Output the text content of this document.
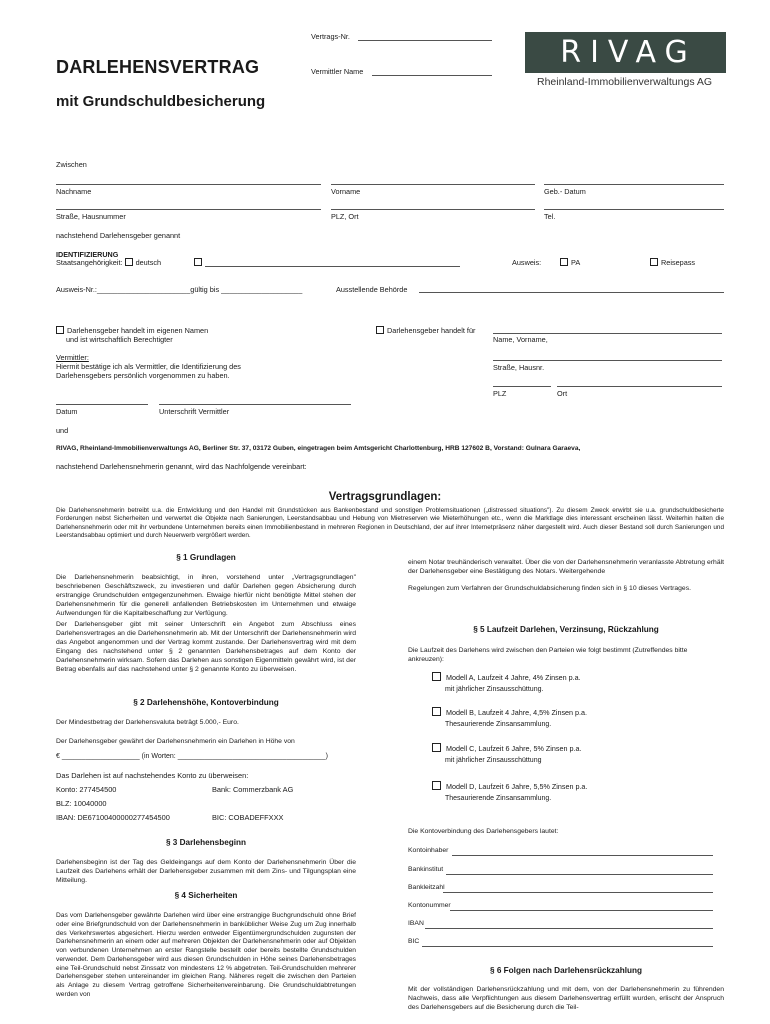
Vertrags-Nr.
DARLEHENSVERTRAG	Vermittler Name
RIVAG
Rheinland-Immobilienverwaltungs AG
mit Grundschuldbesicherung
Zwischen
Nachname	Vorname	Geb.- Datum
Straße, Hausnummer	PLZ, Ort	Tel.
nachstehend Darlehensgeber genannt
IDENTIFIZIERUNG
Staatsangehörigkeit: deutsch	Ausweis:	PA	Reisepass
Ausweis-Nr.:_______________________gültig bis ____________________	Ausstellende Behörde
Darlehensgeber handelt im eigenen Namen
und ist wirtschaftlich Berechtigter
Darlehensgeber handelt für
Name, Vorname,
Vermittler:
Hiermit bestätige ich als Vermittler, die Identifizierung des
Darlehensgebers persönlich vorgenommen zu haben.
Straße, Hausnr.
PLZ	Ort
Datum	Unterschrift Vermittler
und
RIVAG, Rheinland-Immobilienverwaltungs AG, Berliner Str. 37, 03172 Guben, eingetragen beim Amtsgericht Charlottenburg, HRB 127602 B, Vorstand: Gulnara Garaeva,
nachstehend Darlehensnehmerin genannt, wird das Nachfolgende vereinbart:
Vertragsgrundlagen:
Die Darlehensnehmerin betreibt u.a. die Entwicklung und den Handel mit Grundstücken aus Bankenbestand und sonstigen Problemsituationen („distressed situations"). Zu diesem Zweck erwirbt sie u.a. grundschuldbesicherte Forderungen nebst Sicherheiten und verwertet die Objekte nach Sanierungen, Leerstandsabbau und Hebung von Mietreserven wie Mieterhöhungen etc., wenn die Marktlage dies interessant erscheinen lässt. Weiterhin halten die Darlehensnehmerin oder mit ihr verbundene Unternehmen bereits einen Immobilienbestand in mehreren Regionen in Deutschland, der auf ihrer Internetpräsenz näher dargestellt wird. Auch dieser Bestand soll durch Sanierungen und Leerstandsabbau optimiert und durch Neuerwerb vergrößert werden.
§ 1 Grundlagen
Die Darlehensnehmerin beabsichtigt, in ihren, vorstehend unter „Vertragsgrundlagen" beschriebenen Geschäftszweck, zu investieren und dafür Darlehen gegen Absicherung durch erstrangige Grundschulden entgegenzunehmen. Etwaige hierfür nicht benötigte Mittel stehen der Darlehensnehmerin für die generell anfallenden Betriebskosten im Unternehmen und etwaige Aufwendungen für die Kapitalbeschaffung zur Verfügung.
Der Darlehensgeber gibt mit seiner Unterschrift ein Angebot zum Abschluss eines Darlehensvertrages an die Darlehensnehmerin ab. Mit der Unterschrift der Darlehensnehmerin wird das Angebot angenommen und der Vertrag kommt zustande. Der Darlehensvertrag wird mit dem Eingang des nachstehend unter § 2 genannten Darlehensbetrages auf dem Konto der Darlehensnehmerin wirksam. Sofern das Darlehen aus sonstigen Eigenmitteln gewährt wird, ist der Betrag ebenfalls auf das nachstehend unter § 2 genannte Konto zu überweisen.
§ 2 Darlehenshöhe, Kontoverbindung
Der Mindestbetrag der Darlehensvaluta beträgt 5.000,- Euro.
Der Darlehensgeber gewährt der Darlehensnehmerin ein Darlehen in Höhe von
€ ____________________ (in Worten: ______________________________________)
Das Darlehen ist auf nachstehendes Konto zu überweisen:
Konto: 277454500	Bank: Commerzbank AG
BLZ: 10040000
IBAN: DE67100400000277454500	BIC: COBADEFFXXX
§ 3 Darlehensbeginn
Darlehensbeginn ist der Tag des Geldeingangs auf dem Konto der Darlehensnehmerin Über die Laufzeit des Darlehens erhält der Darlehensgeber zusammen mit dem Zins- und Tilgungsplan eine Mitteilung.
§ 4 Sicherheiten
Das vom Darlehensgeber gewährte Darlehen wird über eine erstrangige Buchgrundschuld ohne Brief oder eine Briefgrundschuld von der Darlehensnehmerin in banküblicher Weise Zug um Zug innerhalb des Verkehrswertes abgesichert. Hierzu werden entweder Eigentümergrundschulden zugunsten der Darlehensnehmerin an einem oder auf mehreren Objekten der Darlehensnehmerin oder auf Objekten von verbundenen Unternehmen an erster Rangstelle bestellt oder bereits bestellte Grundschulden verwendet. Dem Darlehensgeber wird aus diesen Grundschulden in Höhe seines Darlehensbetrages eine Teil-Grundschuld nebst Zinssatz von mindestens 12 % abgetreten. Teil-Grundschulden mehrerer Darlehensgeber stehen untereinander im gleichen Rang. Näheres regelt die zwischen den Parteien als Anlage zu diesem Vertrag getroffene Sicherheitenvereinbarung. Die Grundschuldabtretungen werden von
einem Notar treuhänderisch verwaltet. Über die von der Darlehensnehmerin veranlasste Abtretung erhält der Darlehensgeber eine Bestätigung des Notars. Weitergehende
Regelungen zum Verfahren der Grundschuldabsicherung finden sich in § 10 dieses Vertrages.
§ 5 Laufzeit Darlehen, Verzinsung, Rückzahlung
Die Laufzeit des Darlehens wird zwischen den Parteien wie folgt bestimmt (Zutreffendes bitte ankreuzen):
Modell A, Laufzeit 4 Jahre, 4% Zinsen p.a.
mit jährlicher Zinsausschüttung.
Modell B, Laufzeit 4 Jahre, 4,5% Zinsen p.a.
Thesaurierende Zinsansammlung.
Modell C, Laufzeit 6 Jahre, 5% Zinsen p.a.
mit jährlicher Zinsausschüttung
Modell D, Laufzeit 6 Jahre, 5,5% Zinsen p.a.
Thesaurierende Zinsansammlung.
Die Kontoverbindung des Darlehensgebers lautet:
Kontoinhaber
Bankinstitut
Bankleitzahl
Kontonummer
IBAN
BIC
§ 6 Folgen nach Darlehensrückzahlung
Mit der vollständigen Darlehensrückzahlung und mit dem, von der Darlehensnehmerin zu führenden Nachweis, dass alle Verpflichtungen aus diesem Darlehensvertrag erfüllt wurden, erlischt der Anspruch des Darlehensgebers auf die Besicherung durch die Teil-
